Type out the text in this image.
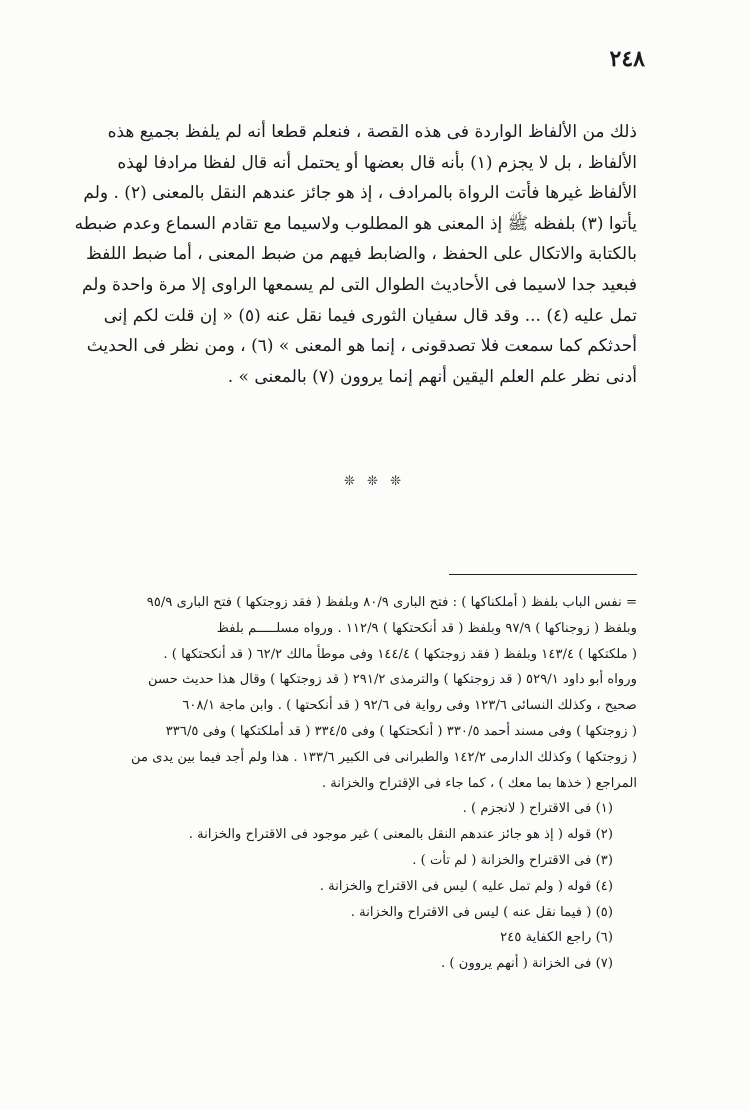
٢٤٨
ذلك من الألفاظ الواردة فى هذه القصة ، فنعلم قطعا أنه لم يلفظ بجميع هذه
الألفاظ ، بل لا يجزم (١) بأنه قال بعضها أو يحتمل أنه قال لفظا مرادفا لهذه
الألفاظ غيرها فأتت الرواة بالمرادف ، إذ هو جائز عندهم النقل بالمعنى (٢) . ولم
يأتوا (٣) بلفظه ﷺ إذ المعنى هو المطلوب ولاسيما مع تقادم السماع وعدم ضبطه
بالكتابة والاتكال على الحفظ ، والضابط فيهم من ضبط المعنى ، أما ضبط اللفظ
فبعيد جدا لاسيما فى الأحاديث الطوال التى لم يسمعها الراوى إلا مرة واحدة ولم
تمل عليه (٤) ... وقد قال سفيان الثورى فيما نقل عنه (٥) « إن قلت لكم إنى
أحدثكم كما سمعت فلا تصدقونى ، إنما هو المعنى » (٦) ، ومن نظر فى الحديث
أدنى نظر علم العلم اليقين أنهم إنما يروون (٧) بالمعنى » .
❊ ❊ ❊
= نفس الباب بلفظ ( أملكناكها ) : فتح البارى ٨٠/٩ وبلفظ ( فقد زوجتكها ) فتح البارى ٩٥/٩
وبلفظ ( زوجناكها ) ٩٧/٩ وبلفظ ( قد أنكحتكها ) ١١٢/٩ . ورواه مسلـــــم بلفظ
( ملكتكها ) ١٤٣/٤ وبلفظ ( فقد زوجتكها ) ١٤٤/٤ وفى موطأ مالك ٦٢/٢ ( قد أنكحتكها ) .
ورواه أبو داود ٥٢٩/١ ( قد زوجتكها ) والترمذى ٢٩١/٢ ( قد زوجتكها ) وقال هذا حديث حسن
صحيح ، وكذلك النسائى ١٢٣/٦ وفى رواية فى ٩٢/٦ ( قد أنكحتها ) . وابن ماجة ٦٠٨/١
( زوجتكها ) وفى مسند أحمد ٣٣٠/٥ ( أنكحتكها ) وفى ٣٣٤/٥ ( قد أملكتكها ) وفى ٣٣٦/٥
( زوجتكها ) وكذلك الدارمى ١٤٢/٢ والطبرانى فى الكبير ١٣٣/٦ . هذا ولم أجد فيما بين يدى من
المراجع ( خذها بما معك ) ، كما جاء فى الإقتراح والخزانة .
(١) فى الاقتراح ( لانجزم ) .
(٢) قوله ( إذ هو جائز عندهم النقل بالمعنى ) غير موجود فى الاقتراح والخزانة .
(٣) فى الاقتراح والخزانة ( لم تأت ) .
(٤) قوله ( ولم تمل عليه ) ليس فى الاقتراح والخزانة .
(٥) ( فيما نقل عنه ) ليس فى الاقتراح والخزانة .
(٦) راجع الكفاية ٢٤٥
(٧) فى الخزانة ( أنهم يروون ) .
